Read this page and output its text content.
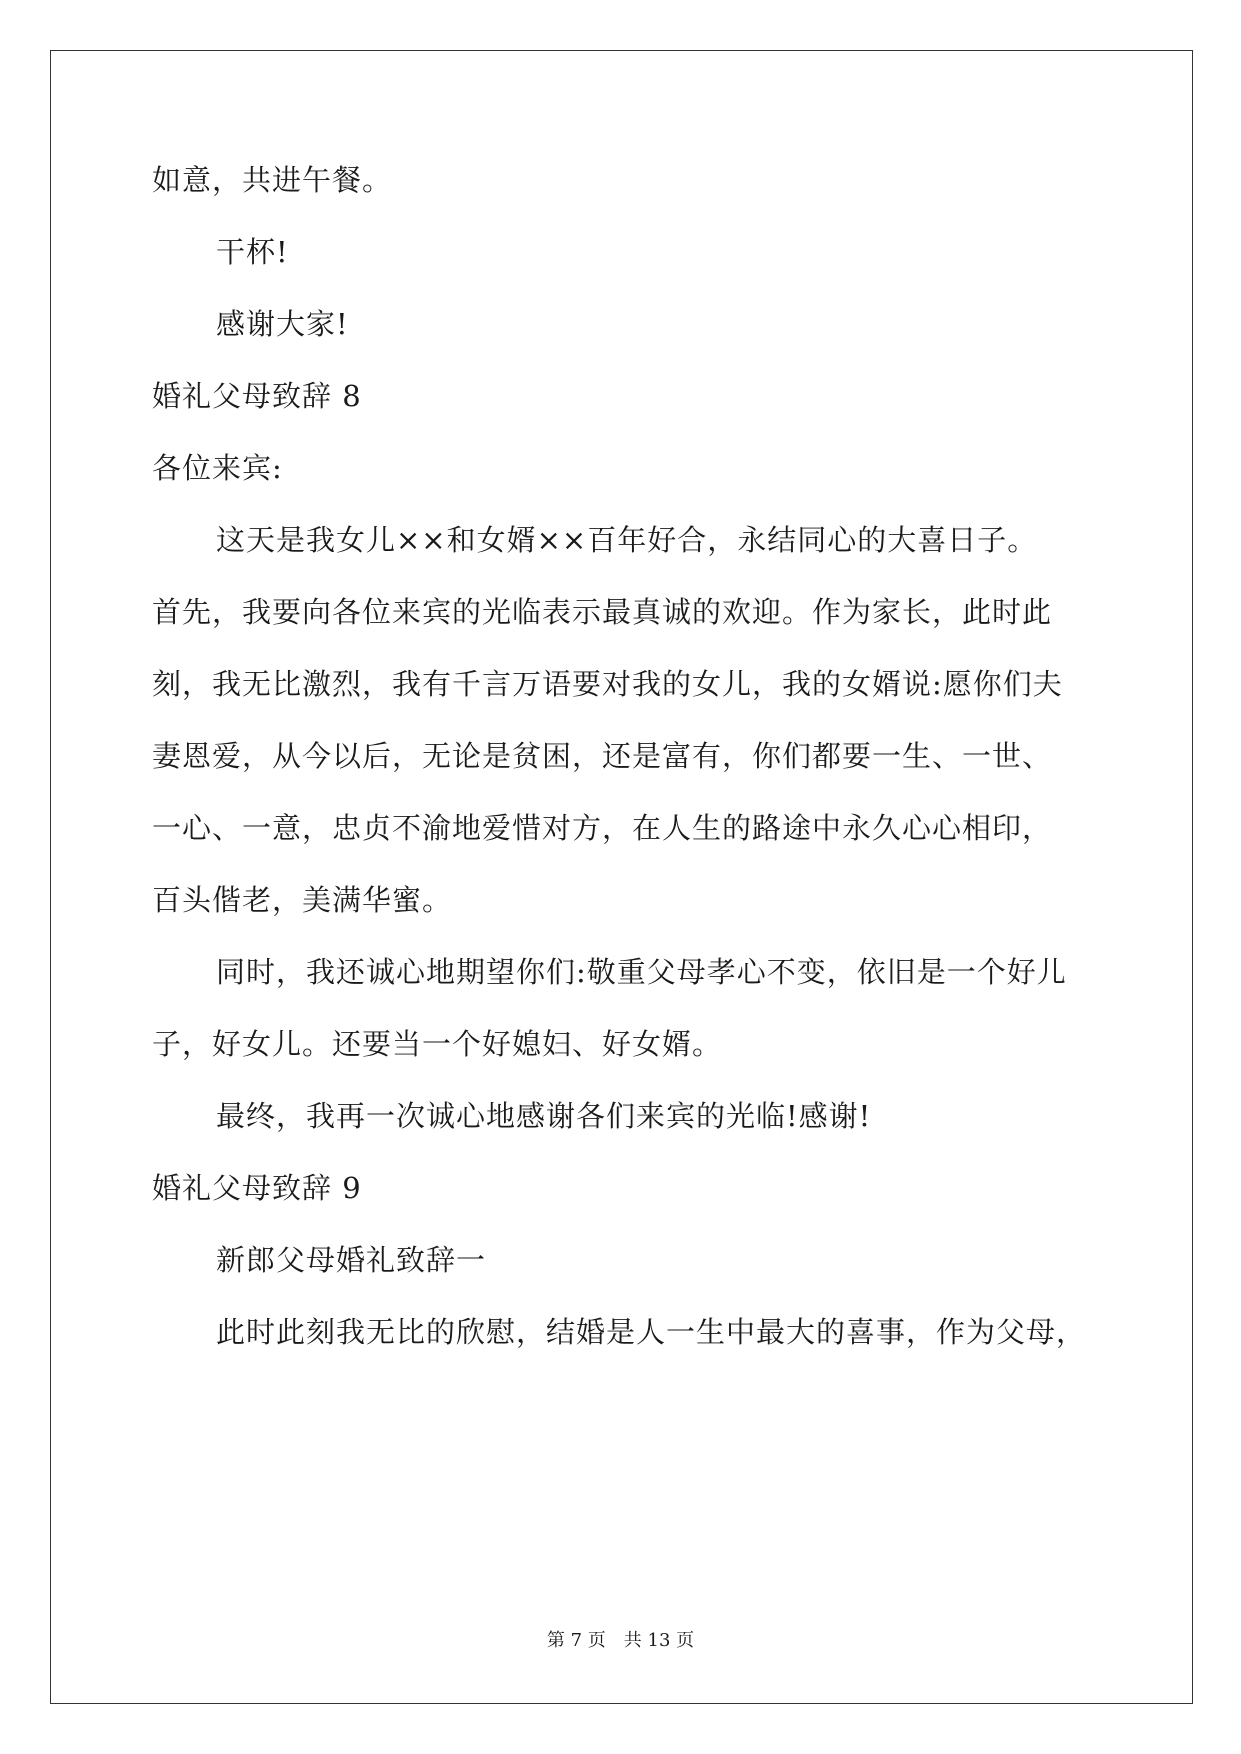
如意，共进午餐。
干杯!
感谢大家!
婚礼父母致辞 8
各位来宾:
这天是我女儿××和女婿××百年好合，永结同心的大喜日子。
首先，我要向各位来宾的光临表示最真诚的欢迎。作为家长，此时此
刻，我无比激烈，我有千言万语要对我的女儿，我的女婿说:愿你们夫
妻恩爱，从今以后，无论是贫困，还是富有，你们都要一生、一世、
一心、一意，忠贞不渝地爱惜对方，在人生的路途中永久心心相印，
百头偕老，美满华蜜。
同时，我还诚心地期望你们:敬重父母孝心不变，依旧是一个好儿
子，好女儿。还要当一个好媳妇、好女婿。
最终，我再一次诚心地感谢各们来宾的光临!感谢!
婚礼父母致辞 9
新郎父母婚礼致辞一
此时此刻我无比的欣慰，结婚是人一生中最大的喜事，作为父母，
第 7 页　共 13 页
